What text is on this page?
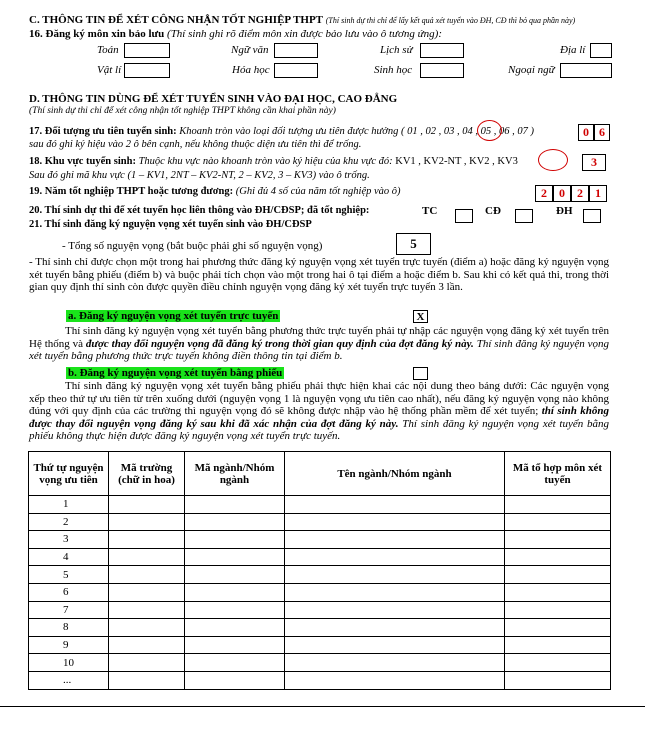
C. THÔNG TIN ĐỂ XÉT CÔNG NHẬN TỐT NGHIỆP THPT (Thí sinh dự thi chỉ để lấy kết quả xét tuyển vào ĐH, CĐ thì bỏ qua phần này)
16. Đăng ký môn xin bảo lưu (Thí sinh ghi rõ điểm môn xin được bảo lưu vào ô tương ứng):
Toán	Ngữ văn	Lịch sử	Địa lí
Vật lí	Hóa học	Sinh học	Ngoại ngữ
D. THÔNG TIN DÙNG ĐỂ XÉT TUYỂN SINH VÀO ĐẠI HỌC, CAO ĐẲNG
(Thí sinh dự thi chỉ để xét công nhận tốt nghiệp THPT không cần khai phần này)
17. Đối tượng ưu tiên tuyển sinh: Khoanh tròn vào loại đối tượng ưu tiên được hưởng ( 01 , 02 , 03 , 04 , 05 , 06 , 07 )
sau đó ghi ký hiệu vào 2 ô bên cạnh, nếu không thuộc diện ưu tiên thì để trống.
0 6
18. Khu vực tuyển sinh: Thuộc khu vực nào khoanh tròn vào ký hiệu của khu vực đó: KV1 , KV2-NT , KV2 , KV3	3
Sau đó ghi mã khu vực (1 – KV1, 2NT – KV2-NT, 2 – KV2, 3 – KV3) vào ô trống.
19. Năm tốt nghiệp THPT hoặc tương đương: (Ghi đủ 4 số của năm tốt nghiệp vào ô)	2	0	2	1
20. Thí sinh dự thi để xét tuyển học liên thông vào ĐH/CĐSP; đã tốt nghiệp:	TC	CĐ	ĐH
21. Thí sinh đăng ký nguyện vọng xét tuyển sinh vào ĐH/CĐSP
- Tổng số nguyện vọng (bắt buộc phải ghi số nguyện vọng)	5
- Thí sinh chỉ được chọn một trong hai phương thức đăng ký nguyện vọng xét tuyển trực tuyến (điểm a) hoặc đăng ký nguyện vọng xét tuyển bằng phiếu (điểm b) và buộc phải tích chọn vào một trong hai ô tại điểm a hoặc điểm b. Sau khi có kết quả thi, trong thời gian quy định thí sinh còn được quyền điều chỉnh nguyện vọng đăng ký xét tuyển trực tuyến 3 lần.
a. Đăng ký nguyện vọng xét tuyển trực tuyến	X
Thí sinh đăng ký nguyện vọng xét tuyển bằng phương thức trực tuyến phải tự nhập các nguyện vọng đăng ký xét tuyển trên Hệ thống và được thay đổi nguyện vọng đã đăng ký trong thời gian quy định của đợt đăng ký này. Thí sinh đăng ký nguyện vọng xét tuyển bằng phương thức trực tuyến không điền thông tin tại điểm b.
b. Đăng ký nguyện vọng xét tuyển bằng phiếu
Thí sinh đăng ký nguyện vọng xét tuyển bằng phiếu phải thực hiện khai các nội dung theo bảng dưới: Các nguyện vọng xếp theo thứ tự ưu tiên từ trên xuống dưới (nguyện vọng 1 là nguyện vọng ưu tiên cao nhất), nếu đăng ký nguyện vọng nào không đúng với quy định của các trường thì nguyện vọng đó sẽ không được nhập vào hệ thống phần mềm để xét tuyển; thí sinh không được thay đổi nguyện vọng đăng ký sau khi đã xác nhận của đợt đăng ký này. Thí sinh đăng ký nguyện vọng xét tuyển bằng phiếu không thực hiện được đăng ký nguyện vọng xét tuyển trực tuyến.
Thứ tự nguyện vọng ưu tiên	Mã trường (chữ in hoa)	Mã ngành/Nhóm ngành	Tên ngành/Nhóm ngành	Mã tổ hợp môn xét tuyển
1				
2				
3				
4				
5				
6				
7				
8				
9				
10				
...				
